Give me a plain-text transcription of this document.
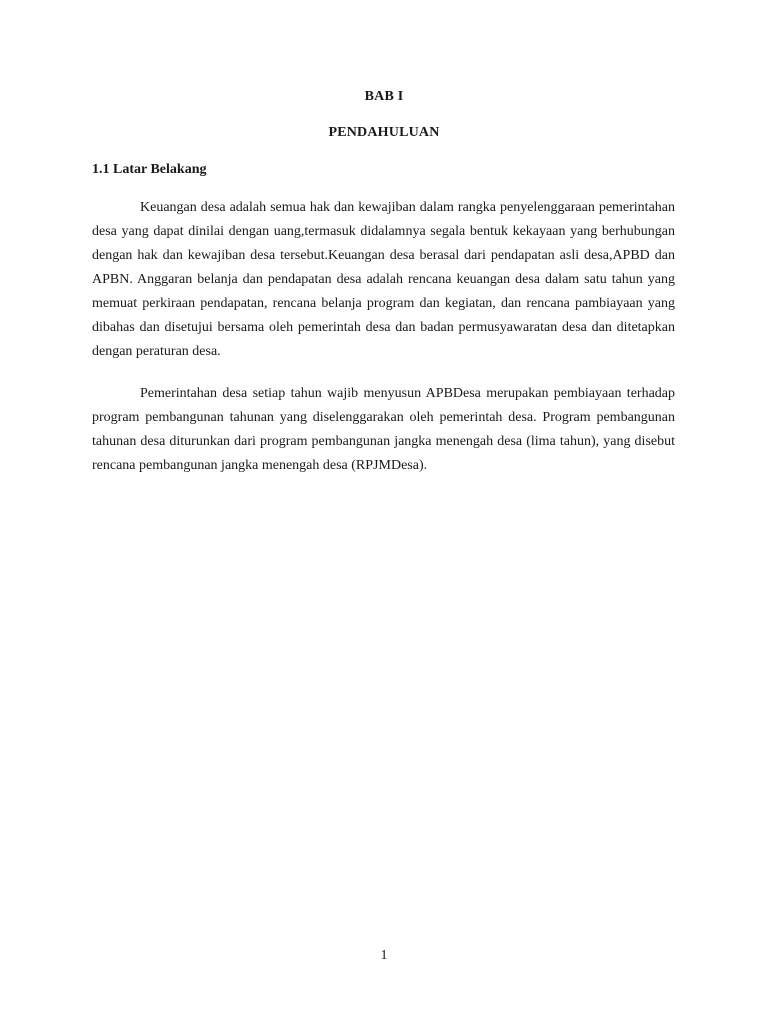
BAB I
PENDAHULUAN
1.1 Latar Belakang

Keuangan desa adalah semua hak dan kewajiban dalam rangka penyelenggaraan pemerintahan desa yang dapat dinilai dengan uang,termasuk didalamnya segala bentuk kekayaan yang berhubungan dengan hak dan kewajiban desa tersebut.Keuangan desa berasal dari pendapatan asli desa,APBD dan APBN. Anggaran belanja dan pendapatan desa adalah rencana keuangan desa dalam satu tahun yang memuat perkiraan pendapatan, rencana belanja program dan kegiatan, dan rencana pambiayaan yang dibahas dan disetujui bersama oleh pemerintah desa dan badan permusyawaratan desa dan ditetapkan dengan peraturan desa.

Pemerintahan desa setiap tahun wajib menyusun APBDesa merupakan pembiayaan terhadap program pembangunan tahunan yang diselenggarakan oleh pemerintah desa. Program pembangunan tahunan desa diturunkan dari program pembangunan jangka menengah desa (lima tahun), yang disebut rencana pembangunan jangka menengah desa (RPJMDesa).

1
